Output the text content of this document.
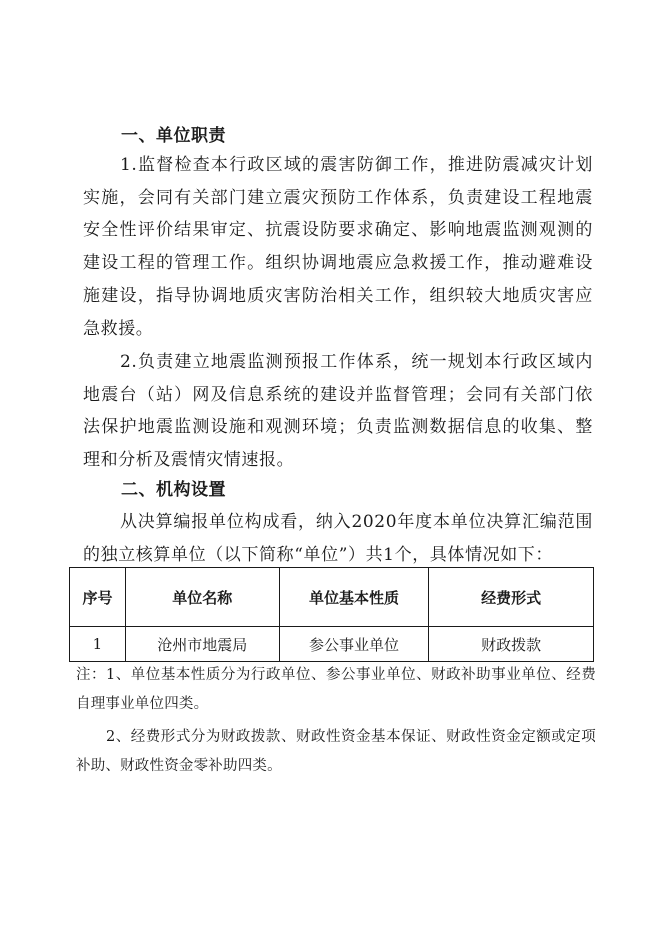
一、单位职责

1.监督检查本行政区域的震害防御工作，推进防震减灾计划实施，会同有关部门建立震灾预防工作体系，负责建设工程地震安全性评价结果审定、抗震设防要求确定、影响地震监测观测的建设工程的管理工作。组织协调地震应急救援工作，推动避难设施建设，指导协调地质灾害防治相关工作，组织较大地质灾害应急救援。

2.负责建立地震监测预报工作体系，统一规划本行政区域内地震台（站）网及信息系统的建设并监督管理；会同有关部门依法保护地震监测设施和观测环境；负责监测数据信息的收集、整理和分析及震情灾情速报。

二、机构设置

从决算编报单位构成看，纳入2020年度本单位决算汇编范围的独立核算单位（以下简称“单位”）共1个，具体情况如下：

序号	单位名称	单位基本性质	经费形式
1	沧州市地震局	参公事业单位	财政拨款

注：1、单位基本性质分为行政单位、参公事业单位、财政补助事业单位、经费自理事业单位四类。

2、经费形式分为财政拨款、财政性资金基本保证、财政性资金定额或定项补助、财政性资金零补助四类。
